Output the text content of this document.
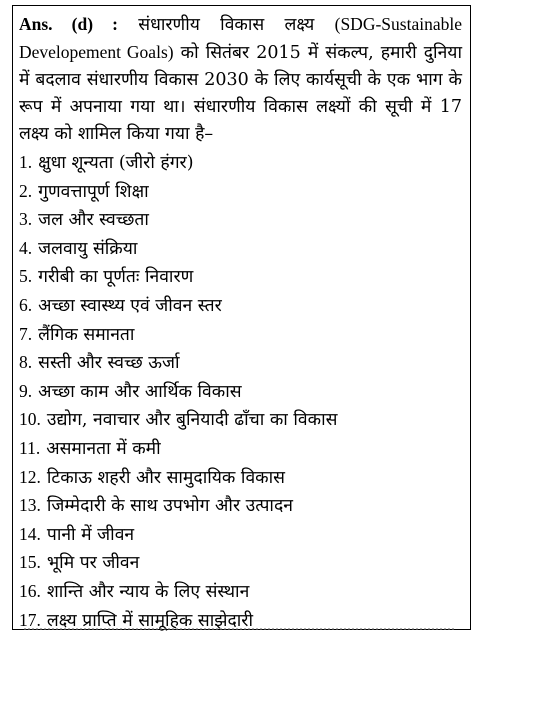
Ans. (d) : संधारणीय विकास लक्ष्य (SDG-Sustainable Developement Goals) को सितंबर 2015 में संकल्प, हमारी दुनिया में बदलाव संधारणीय विकास 2030 के लिए कार्यसूची के एक भाग के रूप में अपनाया गया था। संधारणीय विकास लक्ष्यों की सूची में 17 लक्ष्य को शामिल किया गया है–

1. क्षुधा शून्यता (जीरो हंगर)
2. गुणवत्तापूर्ण शिक्षा
3. जल और स्वच्छता
4. जलवायु संक्रिया
5. गरीबी का पूर्णतः निवारण
6. अच्छा स्वास्थ्य एवं जीवन स्तर
7. लैंगिक समानता
8. सस्ती और स्वच्छ ऊर्जा
9. अच्छा काम और आर्थिक विकास
10. उद्योग, नवाचार और बुनियादी ढाँचा का विकास
11. असमानता में कमी
12. टिकाऊ शहरी और सामुदायिक विकास
13. जिम्मेदारी के साथ उपभोग और उत्पादन
14. पानी में जीवन
15. भूमि पर जीवन
16. शान्ति और न्याय के लिए संस्थान
17. लक्ष्य प्राप्ति में सामूहिक साझेदारी
